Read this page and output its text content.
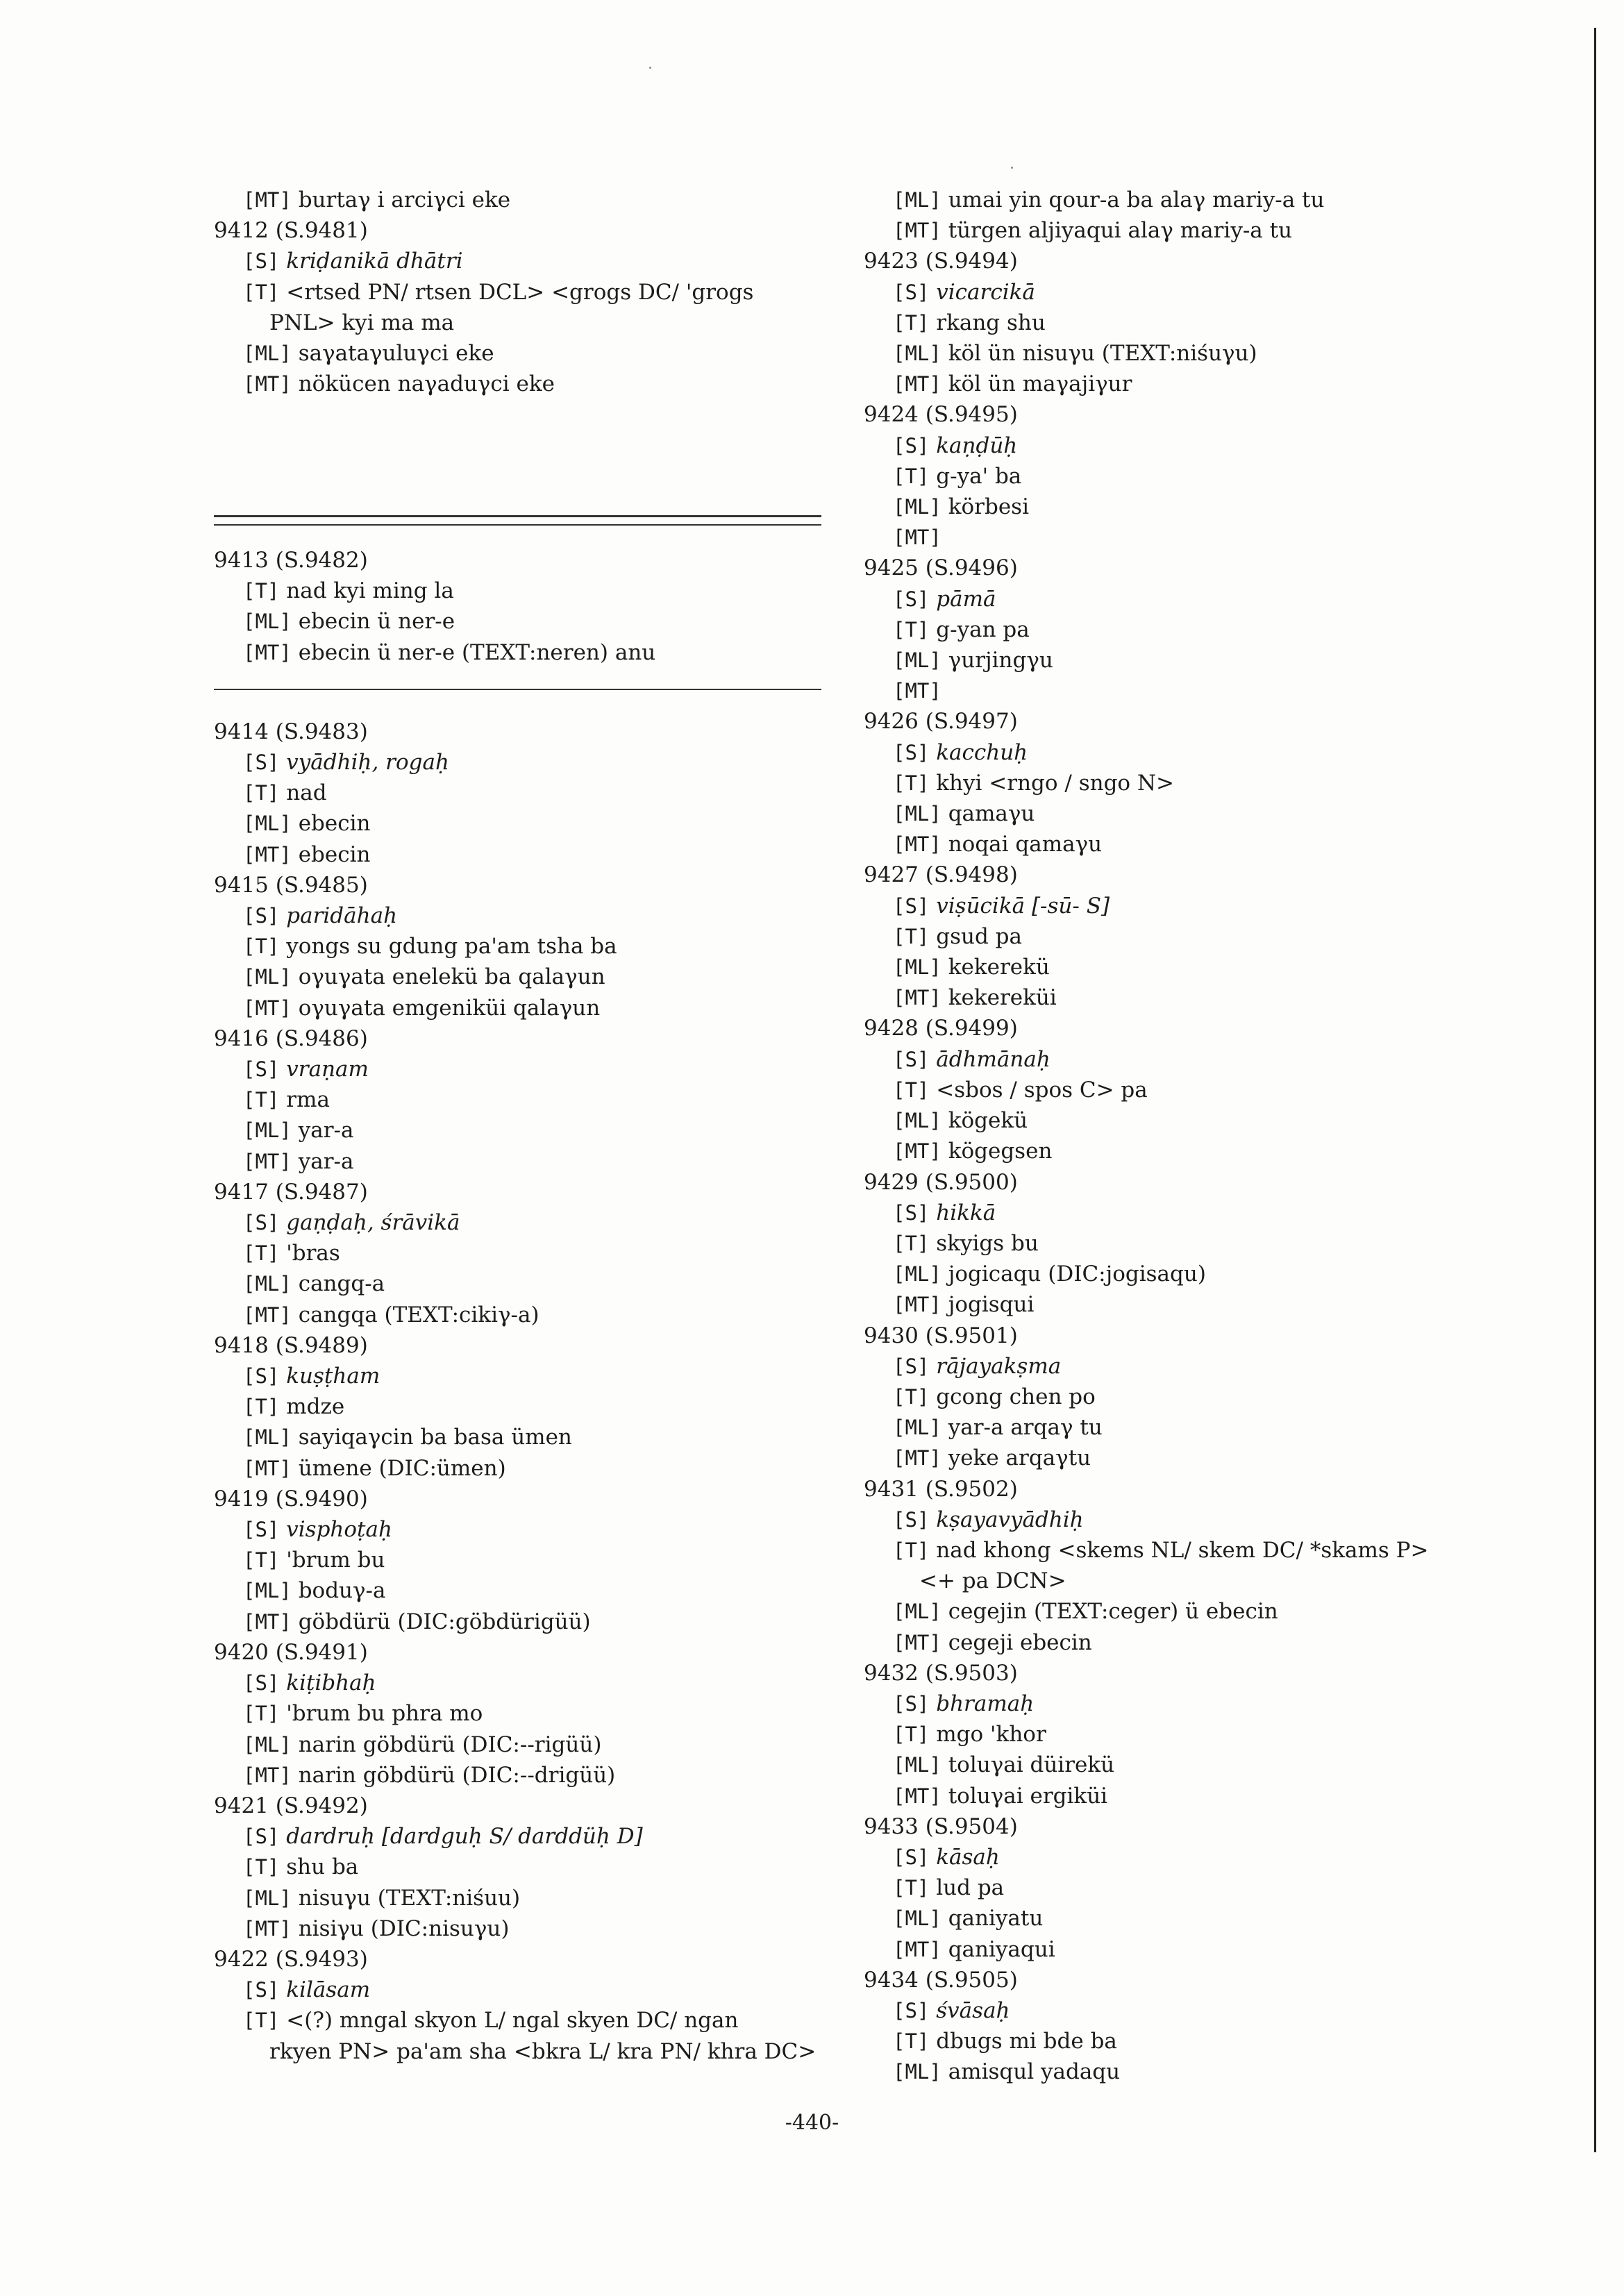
[MT] burtaγ i arciγci eke
9412 (S.9481)
[S] kriḍanikā dhātri
[T] <rtsed PN/ rtsen DCL> <grogs DC/ 'grogs
PNL> kyi ma ma
[ML] saγataγuluγci eke
[MT] nöküсen naγaduγci eke
9413 (S.9482)
[T] nad kyi ming la
[ML] ebecin ü ner-e
[MT] ebecin ü ner-e (TEXT:neren) anu
9414 (S.9483)
[S] vyādhiḥ, rogaḥ
[T] nad
[ML] ebecin
[MT] ebecin
9415 (S.9485)
[S] paridāhaḥ
[T] yongs su gdung pa'am tsha ba
[ML] oγuγata enelekü ba qalaγun
[MT] oγuγata emgeniküi qalaγun
9416 (S.9486)
[S] vraṇam
[T] rma
[ML] yar-a
[MT] yar-a
9417 (S.9487)
[S] gaṇḍaḥ, śrāvikā
[T] 'bras
[ML] cangq-a
[MT] cangqa (TEXT:cikiγ-a)
9418 (S.9489)
[S] kuṣṭham
[T] mdze
[ML] sayiqaγcin ba basa ümen
[MT] ümene (DIC:ümen)
9419 (S.9490)
[S] visphoṭaḥ
[T] 'brum bu
[ML] boduγ-a
[MT] göbdürü (DIC:göbdürigüü)
9420 (S.9491)
[S] kiṭibhaḥ
[T] 'brum bu phra mo
[ML] narin göbdürü (DIC:--rigüü)
[MT] narin göbdürü (DIC:--drigüü)
9421 (S.9492)
[S] dardruḥ [dardguḥ S/ darddüḥ D]
[T] shu ba
[ML] nisuγu (TEXT:niśuu)
[MT] nisiγu (DIC:nisuγu)
9422 (S.9493)
[S] kilāsam
[T] <(?) mngal skyon L/ ngal skyen DC/ ngan
rkyen PN> pa'am sha <bkra L/ kra PN/ khra DC>
[ML] umai yin qour-a ba alaγ mariy-a tu
[MT] türgen aljiyaqui alaγ mariy-a tu
9423 (S.9494)
[S] vicarcikā
[T] rkang shu
[ML] köl ün nisuγu (TEXT:niśuγu)
[MT] köl ün maγajiγur
9424 (S.9495)
[S] kaṇḍūḥ
[T] g-ya' ba
[ML] körbesi
[MT]
9425 (S.9496)
[S] pāmā
[T] g-yan pa
[ML] γurjingγu
[MT]
9426 (S.9497)
[S] kacchuḥ
[T] khyi <rngo / sngo N>
[ML] qamaγu
[MT] noqai qamaγu
9427 (S.9498)
[S] viṣūcikā [-sū- S]
[T] gsud pa
[ML] kekerekü
[MT] kekereküi
9428 (S.9499)
[S] ādhmānaḥ
[T] <sbos / spos C> pa
[ML] kögekü
[MT] kögegsen
9429 (S.9500)
[S] hikkā
[T] skyigs bu
[ML] jogicaqu (DIC:jogisaqu)
[MT] jogisqui
9430 (S.9501)
[S] rājayakṣma
[T] gcong chen po
[ML] yar-a arqaγ tu
[MT] yeke arqaγtu
9431 (S.9502)
[S] kṣayavyādhiḥ
[T] nad khong <skems NL/ skem DC/ *skams P>
<+ pa DCN>
[ML] cegejin (TEXT:ceger) ü ebecin
[MT] cegeji ebecin
9432 (S.9503)
[S] bhramaḥ
[T] mgo 'khor
[ML] toluγai düirekü
[MT] toluγai ergiküi
9433 (S.9504)
[S] kāsaḥ
[T] lud pa
[ML] qaniyatu
[MT] qaniyaqui
9434 (S.9505)
[S] śvāsaḥ
[T] dbugs mi bde ba
[ML] amisqul yadaqu
-440-
